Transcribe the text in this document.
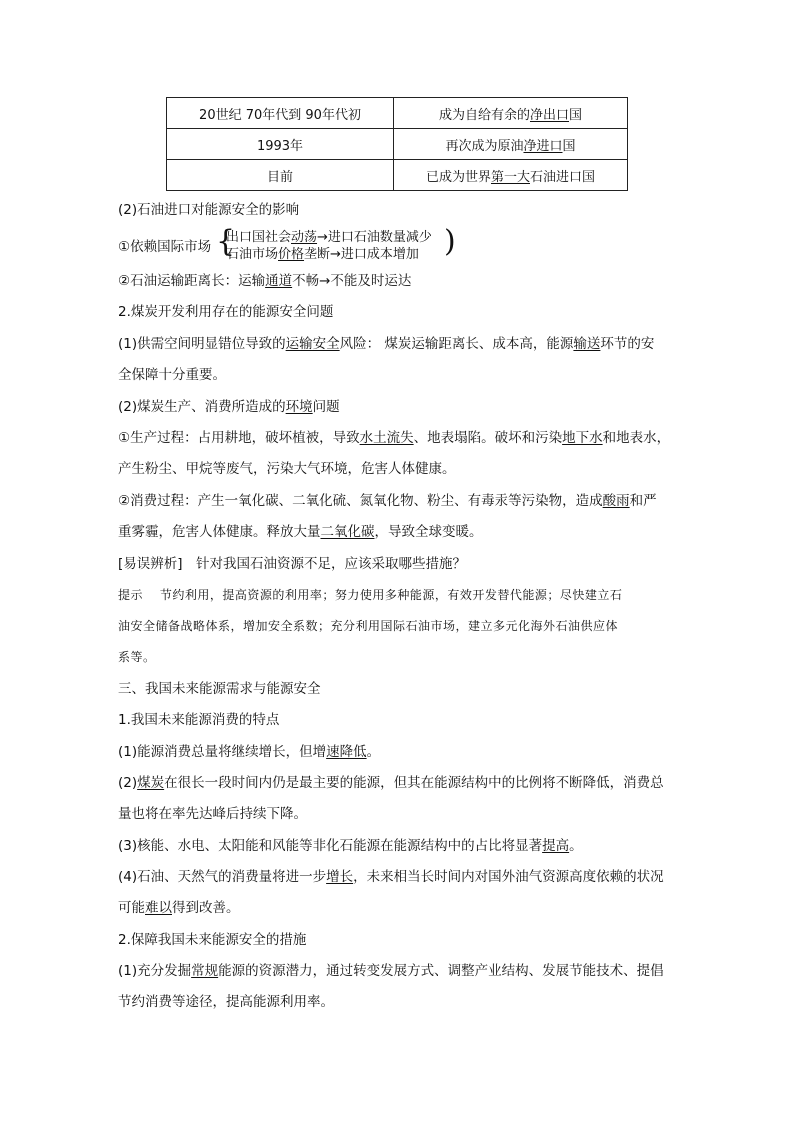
20世纪 70年代到 90年代初	成为自给有余的净出口国
1993年	再次成为原油净进口国
目前	已成为世界第一大石油进口国
(2)石油进口对能源安全的影响
①依赖国际市场 {
出口国社会动荡→进口石油数量减少
石油市场价格垄断→进口成本增加 )
②石油运输距离长：运输通道不畅→不能及时运达
2.煤炭开发利用存在的能源安全问题
(1)供需空间明显错位导致的运输安全风险： 煤炭运输距离长、成本高，能源输送环节的安
全保障十分重要。
(2)煤炭生产、消费所造成的环境问题
①生产过程：占用耕地，破坏植被，导致水土流失、地表塌陷。破坏和污染地下水和地表水，
产生粉尘、甲烷等废气，污染大气环境，危害人体健康。
②消费过程：产生一氧化碳、二氧化硫、氮氧化物、粉尘、有毒汞等污染物，造成酸雨和严
重雾霾，危害人体健康。释放大量二氧化碳，导致全球变暖。
[易误辨析]　针对我国石油资源不足，应该采取哪些措施？
提示　 节约利用，提高资源的利用率；努力使用多种能源，有效开发替代能源；尽快建立石
油安全储备战略体系，增加安全系数；充分利用国际石油市场，建立多元化海外石油供应体
系等。
三、我国未来能源需求与能源安全
1.我国未来能源消费的特点
(1)能源消费总量将继续增长，但增速降低。
(2)煤炭在很长一段时间内仍是最主要的能源，但其在能源结构中的比例将不断降低，消费总
量也将在率先达峰后持续下降。
(3)核能、水电、太阳能和风能等非化石能源在能源结构中的占比将显著提高。
(4)石油、天然气的消费量将进一步增长，未来相当长时间内对国外油气资源高度依赖的状况
可能难以得到改善。
2.保障我国未来能源安全的措施
(1)充分发掘常规能源的资源潜力，通过转变发展方式、调整产业结构、发展节能技术、提倡
节约消费等途径，提高能源利用率。
